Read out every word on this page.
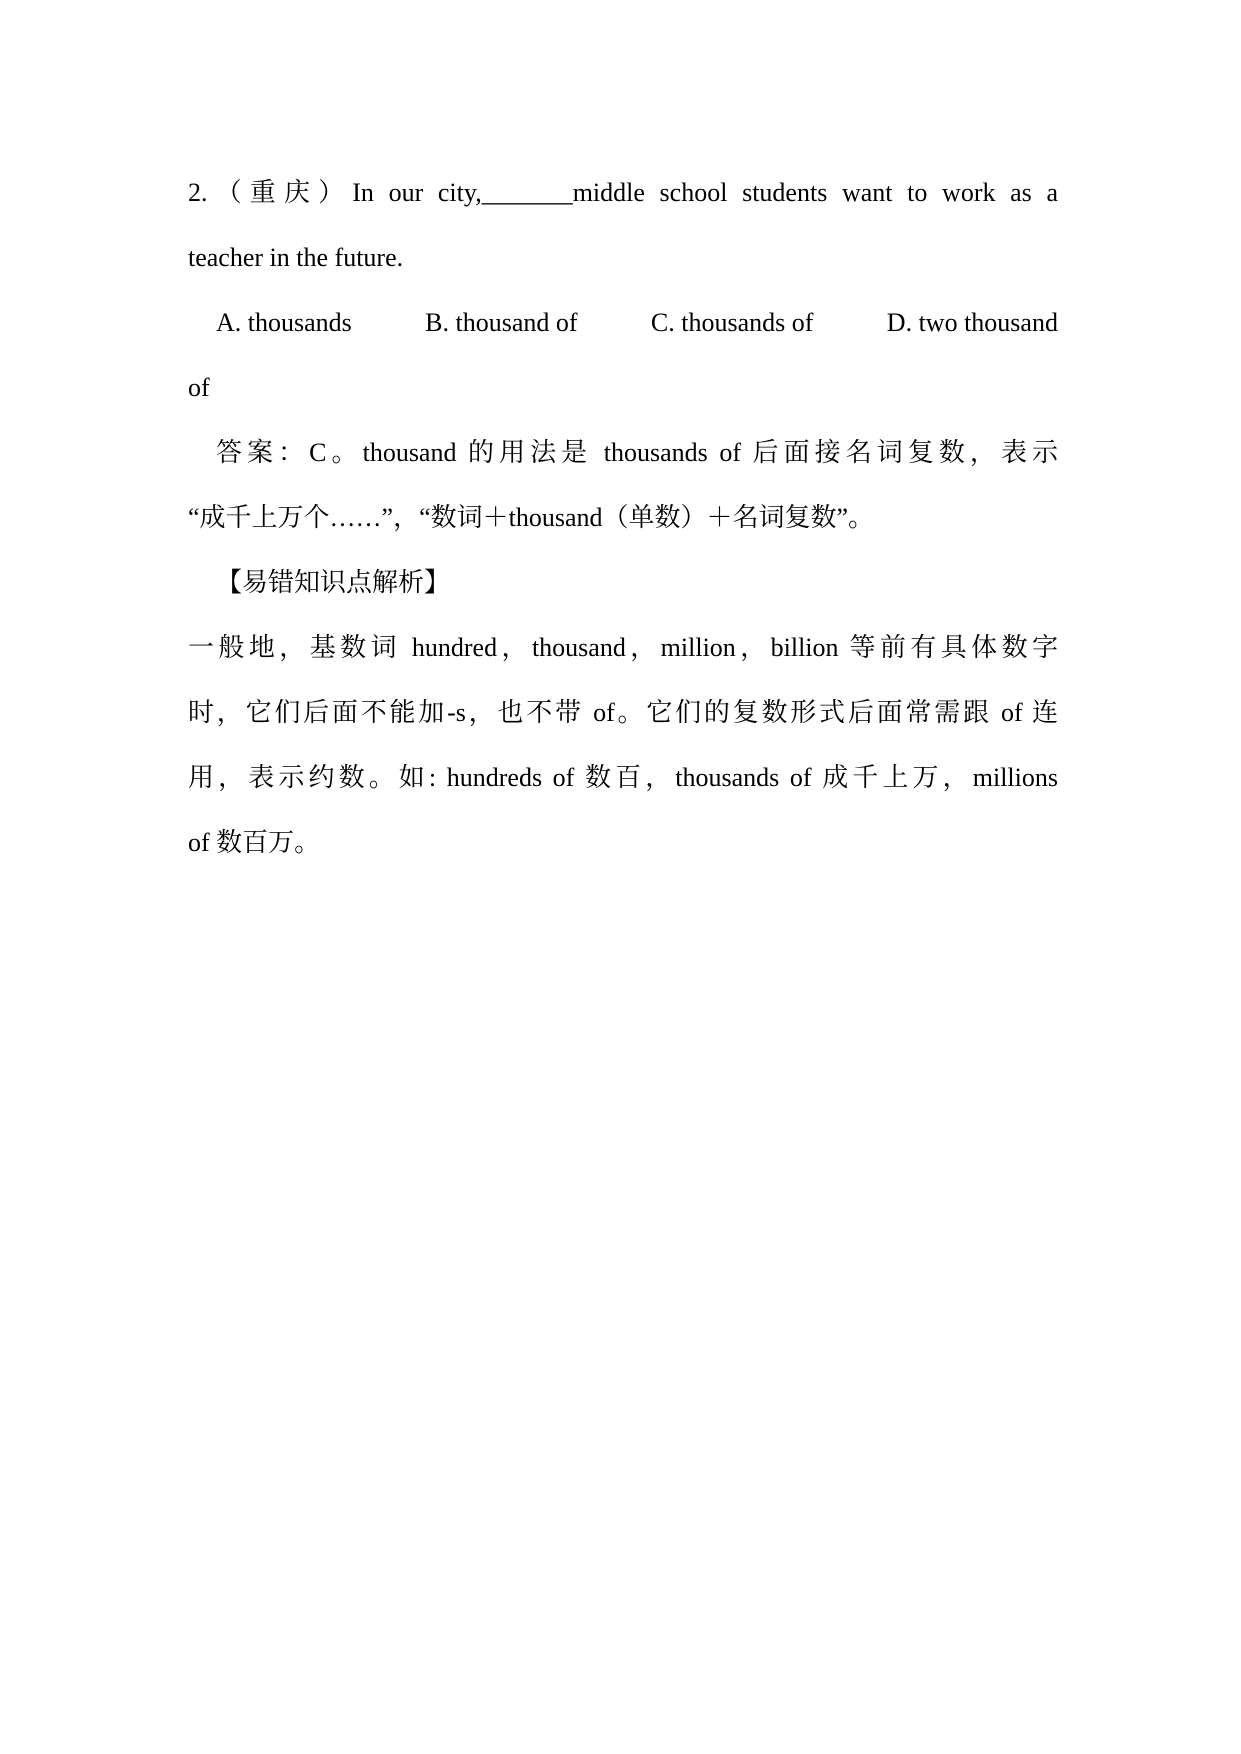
2.（重庆）In our city,_______middle school students want to work as a
teacher in the future.
A. thousands	B. thousand of	C. thousands of	D. two thousand
of
答案：C。thousand 的用法是 thousands of 后面接名词复数，表示
“成千上万个……”，“数词＋thousand（单数）＋名词复数”。
【易错知识点解析】
一般地，基数词 hundred，thousand，million，billion 等前有具体数字
时，它们后面不能加-s，也不带 of。它们的复数形式后面常需跟 of 连
用，表示约数。如: hundreds of 数百，thousands of 成千上万，millions
of 数百万。
